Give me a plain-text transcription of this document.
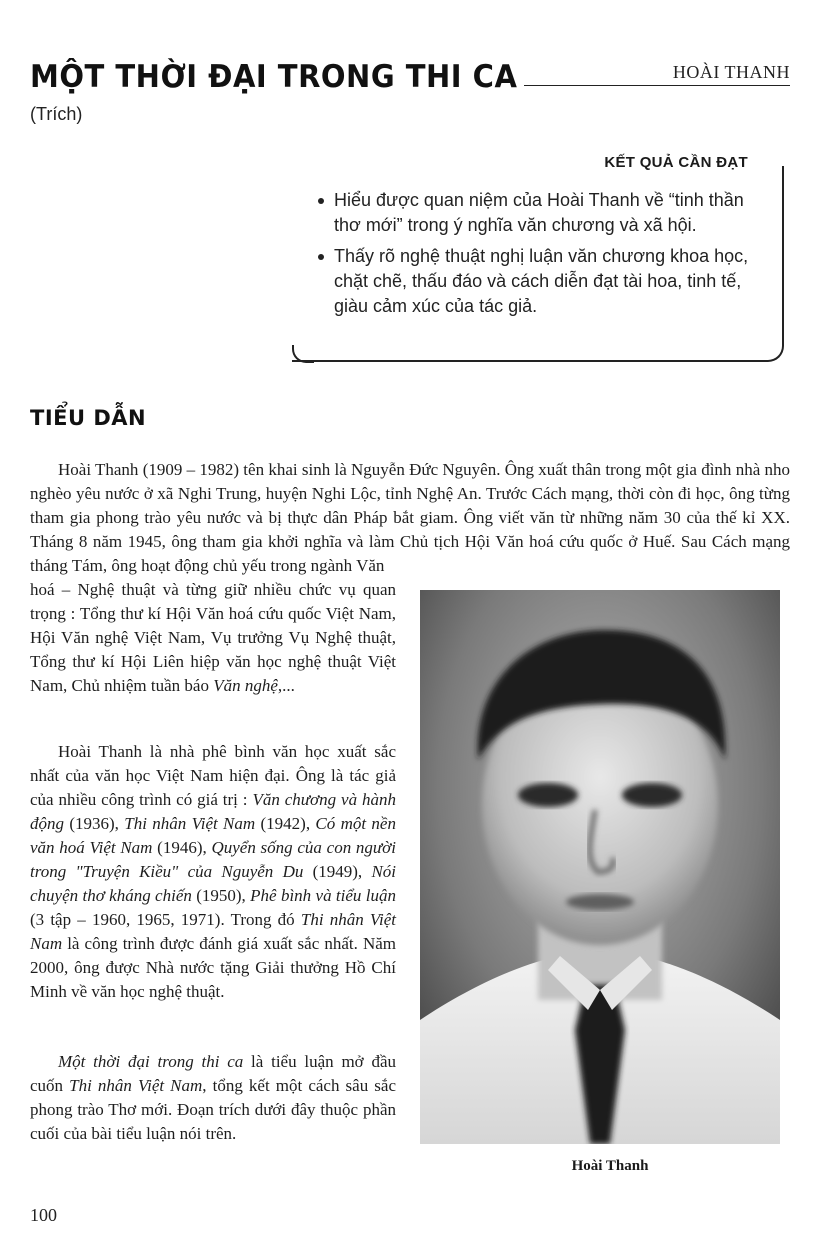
MỘT THỜI ĐẠI TRONG THI CA	HOÀI THANH
(Trích)
KẾT QUẢ CẦN ĐẠT
Hiểu được quan niệm của Hoài Thanh về “tinh thần thơ mới” trong ý nghĩa văn chương và xã hội.
Thấy rõ nghệ thuật nghị luận văn chương khoa học, chặt chẽ, thấu đáo và cách diễn đạt tài hoa, tinh tế, giàu cảm xúc của tác giả.
TIỂU DẪN

Hoài Thanh (1909 – 1982) tên khai sinh là Nguyễn Đức Nguyên. Ông xuất thân trong một gia đình nhà nho nghèo yêu nước ở xã Nghi Trung, huyện Nghi Lộc, tỉnh Nghệ An. Trước Cách mạng, thời còn đi học, ông từng tham gia phong trào yêu nước và bị thực dân Pháp bắt giam. Ông viết văn từ những năm 30 của thế kỉ XX. Tháng 8 năm 1945, ông tham gia khởi nghĩa và làm Chủ tịch Hội Văn hoá cứu quốc ở Huế. Sau Cách mạng tháng Tám, ông hoạt động chủ yếu trong ngành Văn

hoá – Nghệ thuật và từng giữ nhiều chức vụ quan trọng : Tổng thư kí Hội Văn hoá cứu quốc Việt Nam, Hội Văn nghệ Việt Nam, Vụ trưởng Vụ Nghệ thuật, Tổng thư kí Hội Liên hiệp văn học nghệ thuật Việt Nam, Chủ nhiệm tuần báo Văn nghệ,...

Hoài Thanh là nhà phê bình văn học xuất sắc nhất của văn học Việt Nam hiện đại. Ông là tác giả của nhiều công trình có giá trị : Văn chương và hành động (1936), Thi nhân Việt Nam (1942), Có một nền văn hoá Việt Nam (1946), Quyển sống của con người trong "Truyện Kiều" của Nguyễn Du (1949), Nói chuyện thơ kháng chiến (1950), Phê bình và tiểu luận (3 tập – 1960, 1965, 1971). Trong đó Thi nhân Việt Nam là công trình được đánh giá xuất sắc nhất. Năm 2000, ông được Nhà nước tặng Giải thưởng Hồ Chí Minh về văn học nghệ thuật.

Một thời đại trong thi ca là tiểu luận mở đầu cuốn Thi nhân Việt Nam, tổng kết một cách sâu sắc phong trào Thơ mới. Đoạn trích dưới đây thuộc phần cuối của bài tiểu luận nói trên.

Hoài Thanh
100
